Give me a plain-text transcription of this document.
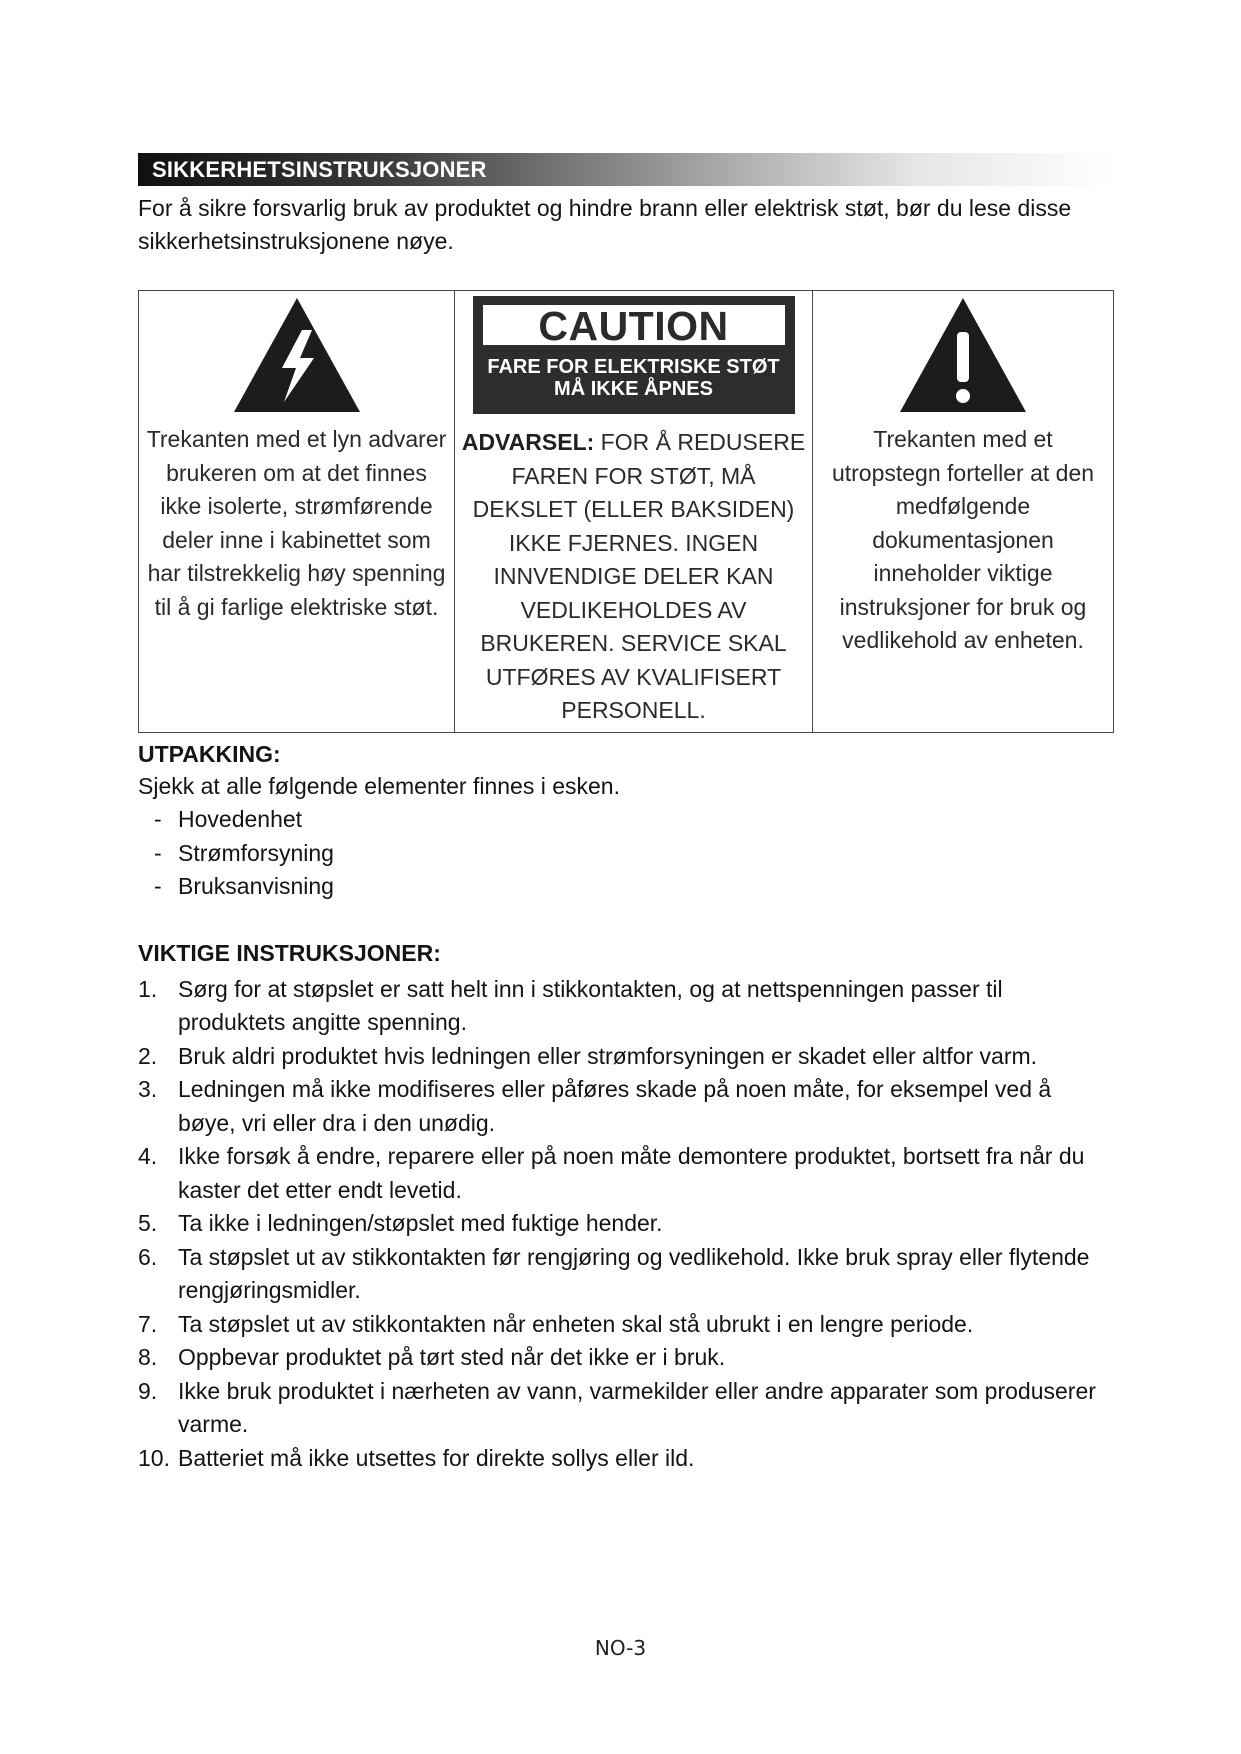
SIKKERHETSINSTRUKSJONER
For å sikre forsvarlig bruk av produktet og hindre brann eller elektrisk støt, bør du lese disse sikkerhetsinstruksjonene nøye.
Trekanten med et lyn advarer brukeren om at det finnes ikke isolerte, strømførende deler inne i kabinettet som har tilstrekkelig høy spenning til å gi farlige elektriske støt.

CAUTION
FARE FOR ELEKTRISKE STØT
MÅ IKKE ÅPNES
ADVARSEL: FOR Å REDUSERE FAREN FOR STØT, MÅ DEKSLET (ELLER BAKSIDEN) IKKE FJERNES. INGEN INNVENDIGE DELER KAN VEDLIKEHOLDES AV BRUKEREN. SERVICE SKAL UTFØRES AV KVALIFISERT PERSONELL.

Trekanten med et utropstegn forteller at den medfølgende dokumentasjonen inneholder viktige instruksjoner for bruk og vedlikehold av enheten.
UTPAKKING:
Sjekk at alle følgende elementer finnes i esken.
- Hovedenhet
- Strømforsyning
- Bruksanvisning
VIKTIGE INSTRUKSJONER:
1. Sørg for at støpslet er satt helt inn i stikkontakten, og at nettspenningen passer til produktets angitte spenning.
2. Bruk aldri produktet hvis ledningen eller strømforsyningen er skadet eller altfor varm.
3. Ledningen må ikke modifiseres eller påføres skade på noen måte, for eksempel ved å bøye, vri eller dra i den unødig.
4. Ikke forsøk å endre, reparere eller på noen måte demontere produktet, bortsett fra når du kaster det etter endt levetid.
5. Ta ikke i ledningen/støpslet med fuktige hender.
6. Ta støpslet ut av stikkontakten før rengjøring og vedlikehold. Ikke bruk spray eller flytende rengjøringsmidler.
7. Ta støpslet ut av stikkontakten når enheten skal stå ubrukt i en lengre periode.
8. Oppbevar produktet på tørt sted når det ikke er i bruk.
9. Ikke bruk produktet i nærheten av vann, varmekilder eller andre apparater som produserer varme.
10. Batteriet må ikke utsettes for direkte sollys eller ild.
NO-3
